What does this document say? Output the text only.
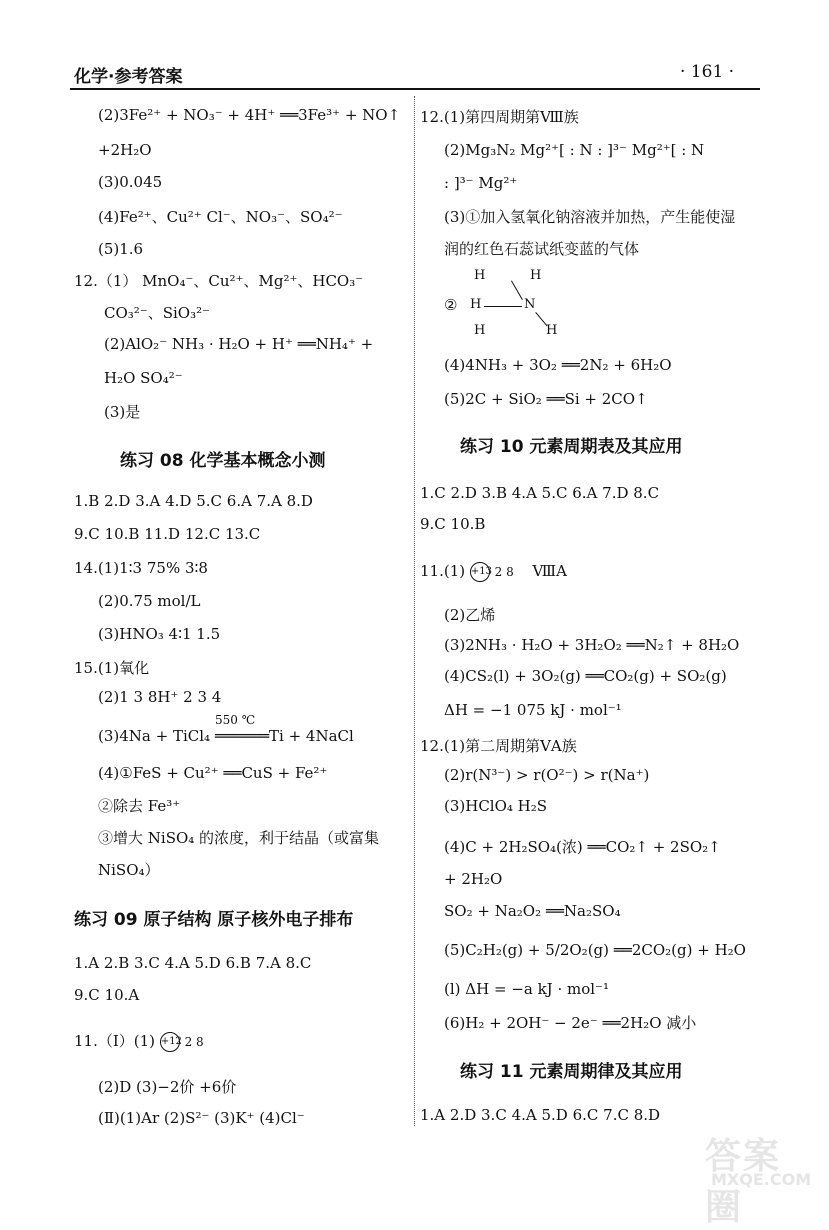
化学·参考答案	· 161 ·
(2)3Fe²⁺ + NO₃⁻ + 4H⁺ ══3Fe³⁺ + NO↑
+2H₂O
(3)0.045
(4)Fe²⁺、Cu²⁺ Cl⁻、NO₃⁻、SO₄²⁻
(5)1.6
12.（1） MnO₄⁻、Cu²⁺、Mg²⁺、HCO₃⁻
CO₃²⁻、SiO₃²⁻
(2)AlO₂⁻ NH₃ · H₂O + H⁺ ══NH₄⁺ +
H₂O SO₄²⁻
(3)是
1.B 2.D 3.A 4.D 5.C 6.A 7.A 8.D
9.C 10.B 11.D 12.C 13.C
14.(1)1∶3 75% 3∶8
(2)0.75 mol/L
(3)HNO₃ 4∶1 1.5
15.(1)氧化
(2)1 3 8H⁺ 2 3 4
(3)4Na + TiCl₄ ══════Ti + 4NaCl
(4)①FeS + Cu²⁺ ══CuS + Fe²⁺
②除去 Fe³⁺
③增大 NiSO₄ 的浓度，利于结晶（或富集
NiSO₄）
1.A 2.B 3.C 4.A 5.D 6.B 7.A 8.C
9.C 10.A
(2)D (3)−2价 +6价
(Ⅱ)(1)Ar (2)S²⁻ (3)K⁺ (4)Cl⁻
12.(1)第四周期第Ⅷ族
(2)Mg₃N₂ Mg²⁺[ : N : ]³⁻ Mg²⁺[ : N
: ]³⁻ Mg²⁺
(3)①加入氢氧化钠溶液并加热，产生能使湿
润的红色石蕊试纸变蓝的气体
(4)4NH₃ + 3O₂ ══2N₂ + 6H₂O
(5)2C + SiO₂ ══Si + 2CO↑
1.C 2.D 3.B 4.A 5.C 6.A 7.D 8.C
9.C 10.B
(2)乙烯
(3)2NH₃ · H₂O + 3H₂O₂ ══N₂↑ + 8H₂O
(4)CS₂(l) + 3O₂(g) ══CO₂(g) + SO₂(g)
ΔH = −1 075 kJ · mol⁻¹
12.(1)第二周期第ⅤA族
(2)r(N³⁻) > r(O²⁻) > r(Na⁺)
(3)HClO₄ H₂S
(4)C + 2H₂SO₄(浓) ══CO₂↑ + 2SO₂↑
+ 2H₂O
SO₂ + Na₂O₂ ══Na₂SO₄
(5)C₂H₂(g) + 5/2O₂(g) ══2CO₂(g) + H₂O
(l) ΔH = −a kJ · mol⁻¹
(6)H₂ + 2OH⁻ − 2e⁻ ══2H₂O 减小
1.A 2.D 3.C 4.A 5.D 6.C 7.C 8.D
550 ℃
11.（Ⅰ）(1) +12 2 8
②
H	H
H	N
H	H
11.(1) +13 2 8 ⅧA
练习 08 化学基本概念小测
练习 09 原子结构 原子核外电子排布
练习 10 元素周期表及其应用
练习 11 元素周期律及其应用
答案圈
MXQE.COM
